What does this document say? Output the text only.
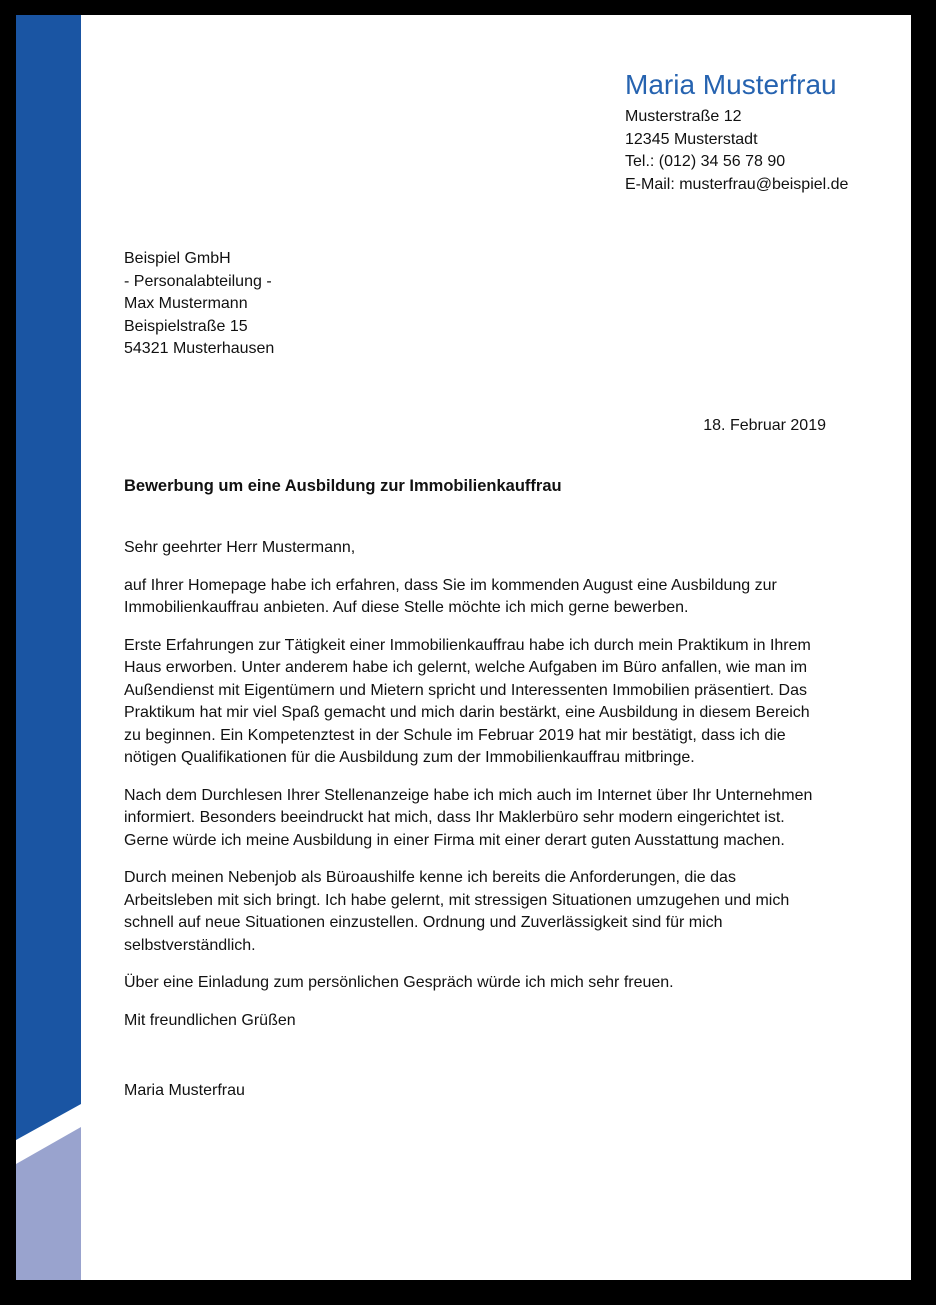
Maria Musterfrau
Musterstraße 12
12345 Musterstadt
Tel.: (012) 34 56 78 90
E-Mail: musterfrau@beispiel.de
Beispiel GmbH
- Personalabteilung -
Max Mustermann
Beispielstraße 15
54321 Musterhausen
18. Februar 2019
Bewerbung um eine Ausbildung zur Immobilienkauffrau

Sehr geehrter Herr Mustermann,

auf Ihrer Homepage habe ich erfahren, dass Sie im kommenden August eine Ausbildung zur Immobilienkauffrau anbieten. Auf diese Stelle möchte ich mich gerne bewerben.

Erste Erfahrungen zur Tätigkeit einer Immobilienkauffrau habe ich durch mein Praktikum in Ihrem Haus erworben. Unter anderem habe ich gelernt, welche Aufgaben im Büro anfallen, wie man im Außendienst mit Eigentümern und Mietern spricht und Interessenten Immobilien präsentiert. Das Praktikum hat mir viel Spaß gemacht und mich darin bestärkt, eine Ausbildung in diesem Bereich zu beginnen. Ein Kompetenztest in der Schule im Februar 2019 hat mir bestätigt, dass ich die nötigen Qualifikationen für die Ausbildung zum der Immobilienkauffrau mitbringe.

Nach dem Durchlesen Ihrer Stellenanzeige habe ich mich auch im Internet über Ihr Unternehmen informiert. Besonders beeindruckt hat mich, dass Ihr Maklerbüro sehr modern eingerichtet ist. Gerne würde ich meine Ausbildung in einer Firma mit einer derart guten Ausstattung machen.

Durch meinen Nebenjob als Büroaushilfe kenne ich bereits die Anforderungen, die das Arbeitsleben mit sich bringt. Ich habe gelernt, mit stressigen Situationen umzugehen und mich schnell auf neue Situationen einzustellen. Ordnung und Zuverlässigkeit sind für mich selbstverständlich.

Über eine Einladung zum persönlichen Gespräch würde ich mich sehr freuen.

Mit freundlichen Grüßen

Maria Musterfrau
